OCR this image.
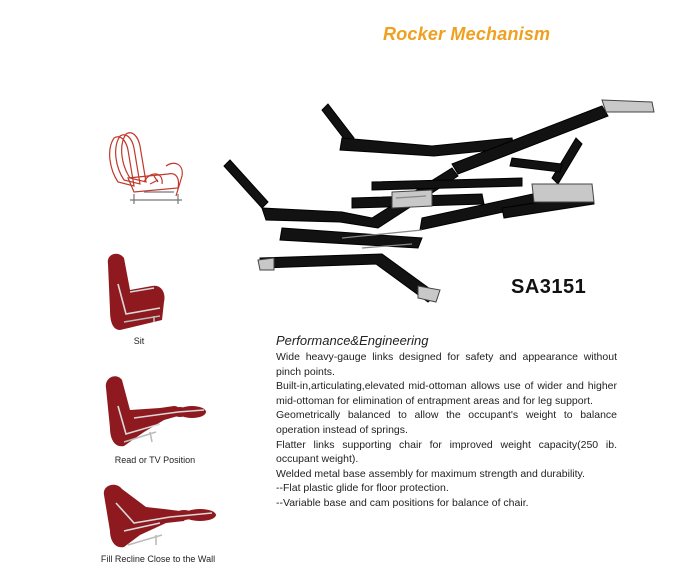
Rocker Mechanism
Sit
Read or TV Position
Fill Recline Close to the Wall
SA3151
Performance&Engineering

Wide heavy-gauge links designed for safety and appearance without pinch points.

Built-in,articulating,elevated mid-ottoman allows use of wider and higher mid-ottoman for elimination of entrapment areas and for leg support.

Geometrically balanced to allow the occupant's weight to balance operation instead of springs.

Flatter links supporting chair for improved weight capacity(250 ib. occupant weight).

Welded metal base assembly for maximum strength and durability.

--Flat plastic glide for floor protection.

--Variable base and cam positions for balance of chair.
